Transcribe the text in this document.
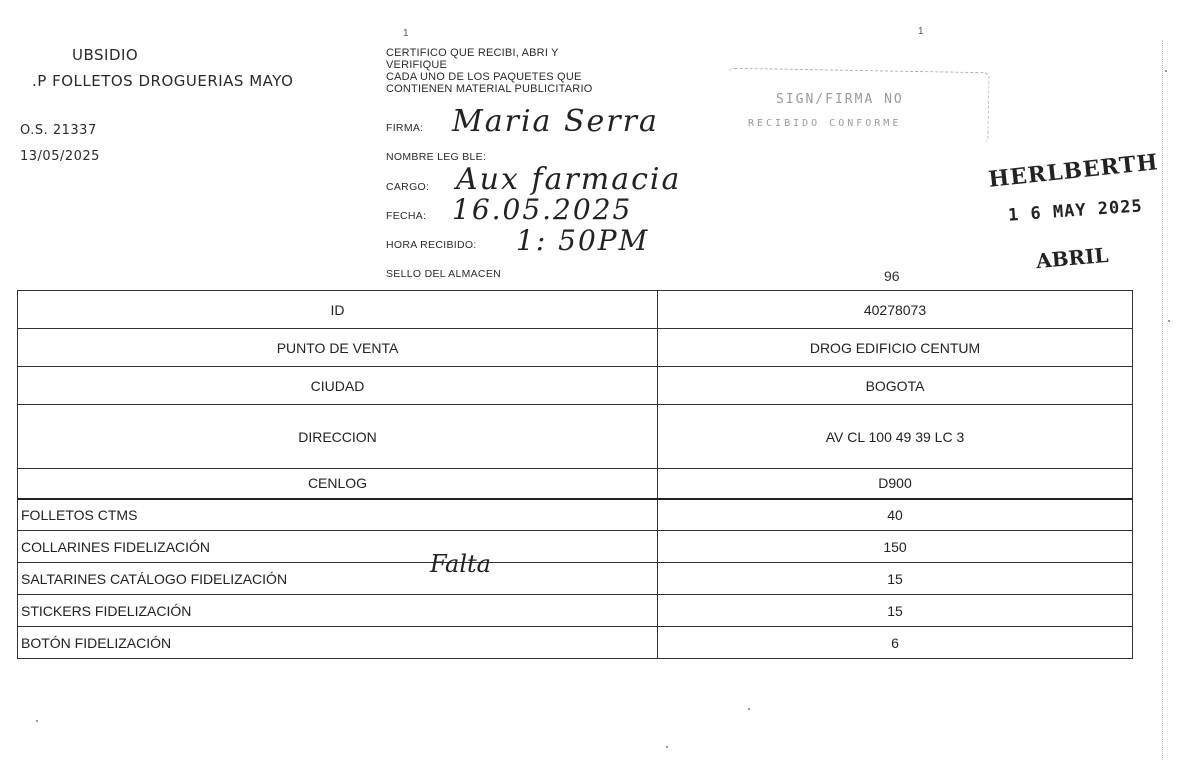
1	1
UBSIDIO
.P FOLLETOS DROGUERIAS MAYO
O.S. 21337
13/05/2025
CERTIFICO QUE RECIBI, ABRI Y
VERIFIQUE
CADA UNO DE LOS PAQUETES QUE
CONTIENEN MATERIAL PUBLICITARIO
FIRMA: Maria Serra
NOMBRE LEG BLE:
CARGO: Aux farmacia
FECHA: 16.05.2025
HORA RECIBIDO: 1: 50PM
SELLO DEL ALMACEN
SIGN/FIRMA NO
RECIBIDO CONFORME
HERLBERTH
1 6 MAY 2025
ABRIL
96
ID	40278073
PUNTO DE VENTA	DROG EDIFICIO CENTUM
CIUDAD	BOGOTA
DIRECCION	AV CL 100 49 39 LC 3
CENLOG	D900
FOLLETOS CTMS	40
COLLARINES FIDELIZACIÓN	150
SALTARINES CATÁLOGO FIDELIZACIÓN	15
STICKERS FIDELIZACIÓN	15
BOTÓN FIDELIZACIÓN	6
Falta
